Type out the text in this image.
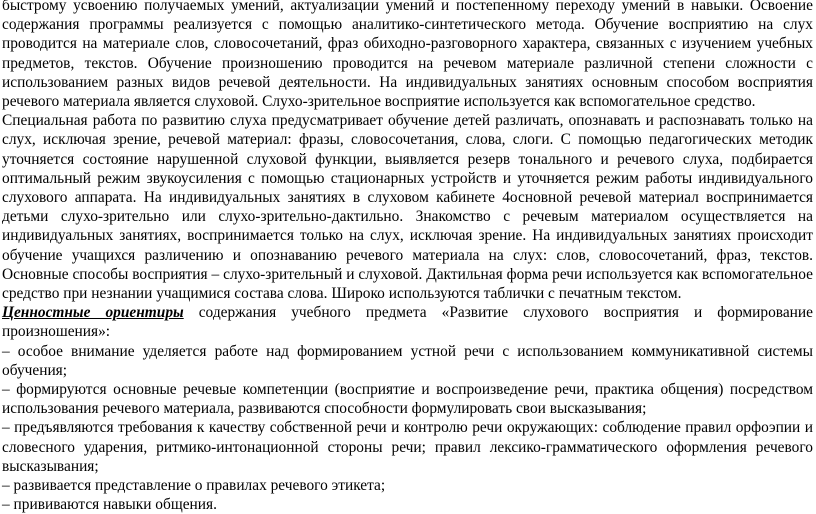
быстрому усвоению получаемых умений, актуализации умений и постепенному переходу умений в навыки. Освоение содержания программы реализуется с помощью аналитико-синтетического метода. Обучение восприятию на слух проводится на материале слов, словосочетаний, фраз обиходно-разговорного характера, связанных с изучением учебных предметов, текстов. Обучение произношению проводится на речевом материале различной степени сложности с использованием разных видов речевой деятельности. На индивидуальных занятиях основным способом восприятия речевого материала является слуховой. Слухо-зрительное восприятие используется как вспомогательное средство.

Специальная работа по развитию слуха предусматривает обучение детей различать, опознавать и распознавать только на слух, исключая зрение, речевой материал: фразы, словосочетания, слова, слоги. С помощью педагогических методик уточняется состояние нарушенной слуховой функции, выявляется резерв тонального и речевого слуха, подбирается оптимальный режим звукоусиления с помощью стационарных устройств и уточняется режим работы индивидуального слухового аппарата. На индивидуальных занятиях в слуховом кабинете 4основной речевой материал воспринимается детьми слухо-зрительно или слухо-зрительно-дактильно. Знакомство с речевым материалом осуществляется на индивидуальных занятиях, воспринимается только на слух, исключая зрение. На индивидуальных занятиях происходит обучение учащихся различению и опознаванию речевого материала на слух: слов, словосочетаний, фраз, текстов. Основные способы восприятия – слухо-зрительный и слуховой. Дактильная форма речи используется как вспомогательное средство при незнании учащимися состава слова. Широко используются таблички с печатным текстом.

Ценностные ориентиры содержания учебного предмета «Развитие слухового восприятия и формирование произношения»:

– особое внимание уделяется работе над формированием устной речи с использованием коммуникативной системы обучения;

– формируются основные речевые компетенции (восприятие и воспроизведение речи, практика общения) посредством использования речевого материала, развиваются способности формулировать свои высказывания;

– предъявляются требования к качеству собственной речи и контролю речи окружающих: соблюдение правил орфоэпии и словесного ударения, ритмико-интонационной стороны речи; правил лексико-грамматического оформления речевого высказывания;

– развивается представление о правилах речевого этикета;

– прививаются навыки общения.
